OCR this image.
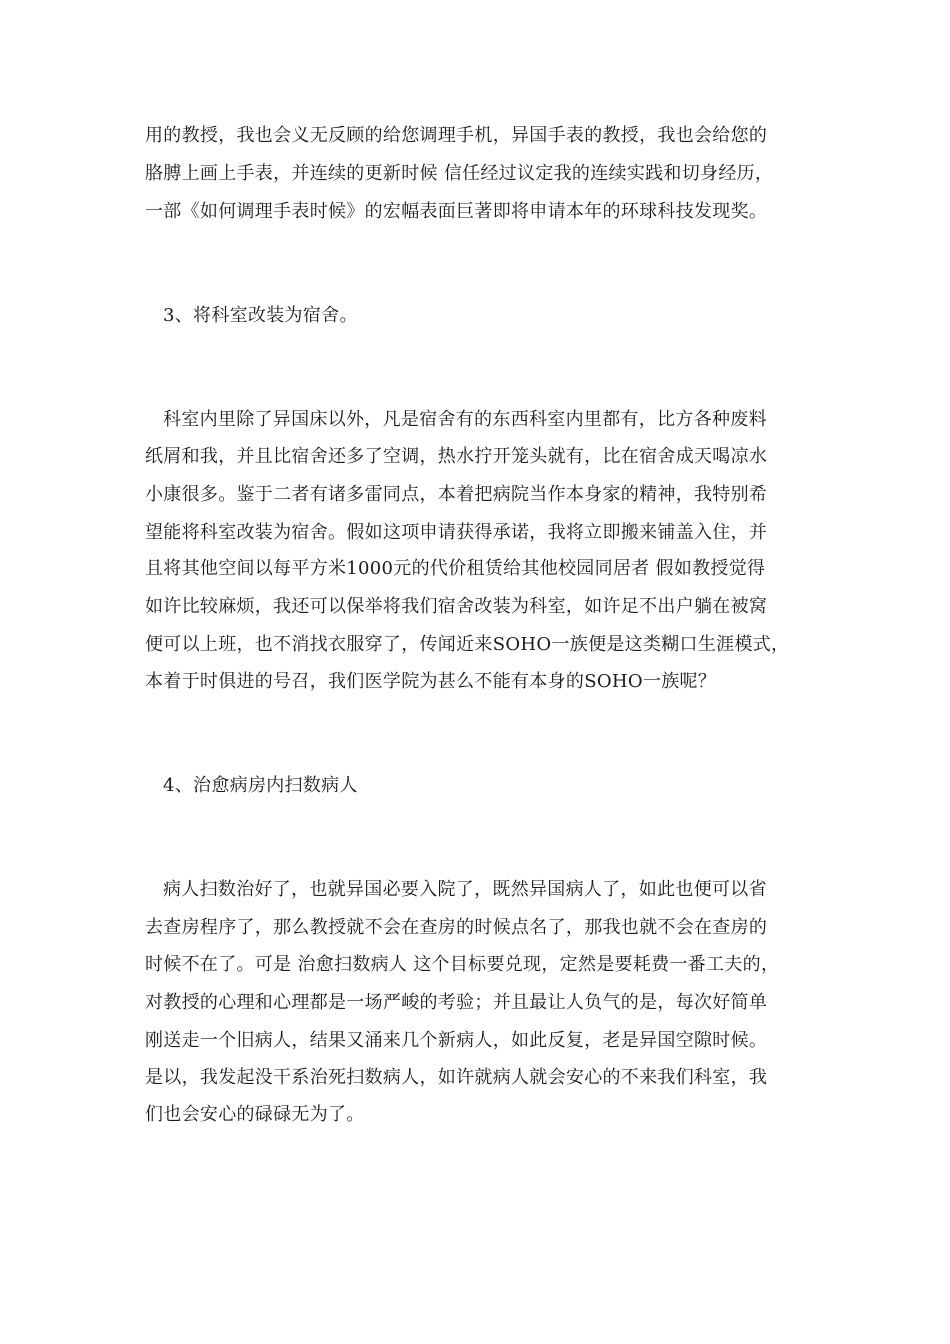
用的教授，我也会义无反顾的给您调理手机，异国手表的教授，我也会给您的

胳膊上画上手表，并连续的更新时候 信任经过议定我的连续实践和切身经历，

一部《如何调理手表时候》的宏幅表面巨著即将申请本年的环球科技发现奖。

3、将科室改装为宿舍。

科室内里除了异国床以外，凡是宿舍有的东西科室内里都有，比方各种废料

纸屑和我，并且比宿舍还多了空调，热水拧开笼头就有，比在宿舍成天喝凉水

小康很多。鉴于二者有诸多雷同点，本着把病院当作本身家的精神，我特别希

望能将科室改装为宿舍。假如这项申请获得承诺，我将立即搬来铺盖入住，并

且将其他空间以每平方米1000元的代价租赁给其他校园同居者 假如教授觉得

如许比较麻烦，我还可以保举将我们宿舍改装为科室，如许足不出户躺在被窝

便可以上班，也不消找衣服穿了，传闻近来SOHO一族便是这类糊口生涯模式，

本着于时俱进的号召，我们医学院为甚么不能有本身的SOHO一族呢？

4、治愈病房内扫数病人

病人扫数治好了，也就异国必要入院了，既然异国病人了，如此也便可以省

去查房程序了，那么教授就不会在查房的时候点名了，那我也就不会在查房的

时候不在了。可是 治愈扫数病人 这个目标要兑现，定然是要耗费一番工夫的，

对教授的心理和心理都是一场严峻的考验；并且最让人负气的是，每次好简单

刚送走一个旧病人，结果又涌来几个新病人，如此反复，老是异国空隙时候。

是以，我发起没干系治死扫数病人，如许就病人就会安心的不来我们科室，我

们也会安心的碌碌无为了。
